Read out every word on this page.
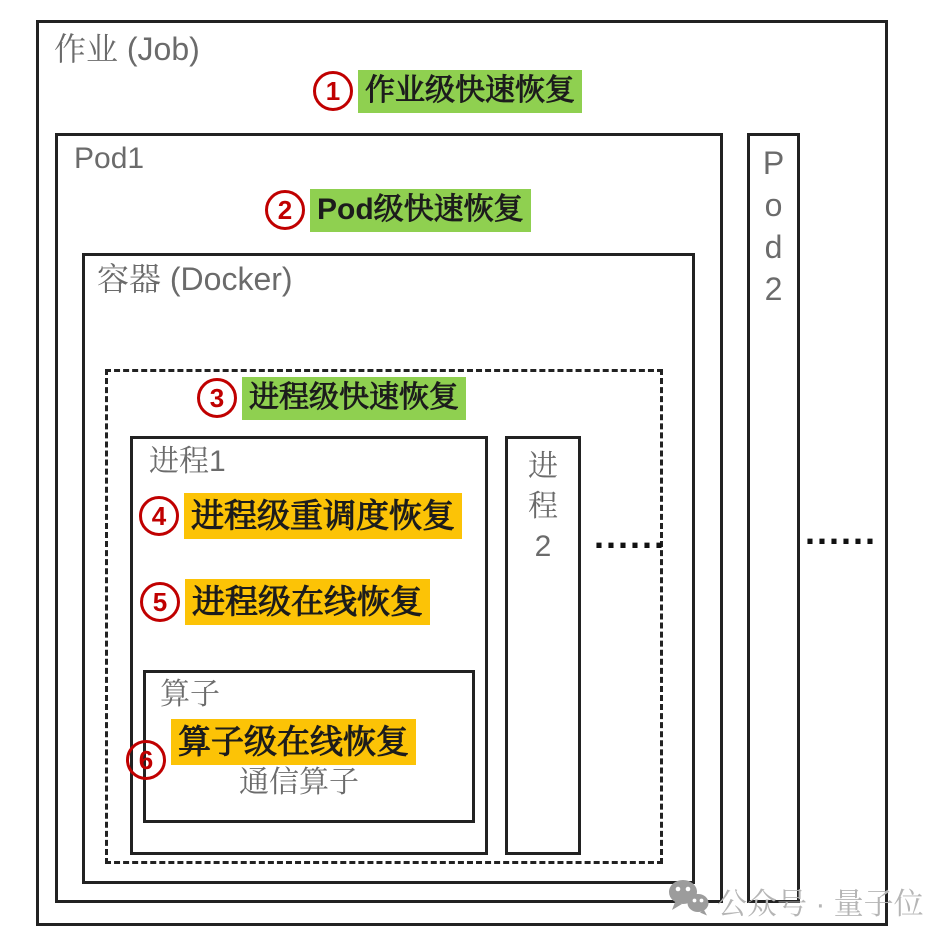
作业 (Job)
Pod1
容器 (Docker)
进程1
算子
通信算子
进
程
2
P
o
d
2
1 作业级快速恢复
2 Pod级快速恢复
3 进程级快速恢复
4 进程级重调度恢复
5 进程级在线恢复
6 算子级在线恢复
......	......
公众号 · 量子位
